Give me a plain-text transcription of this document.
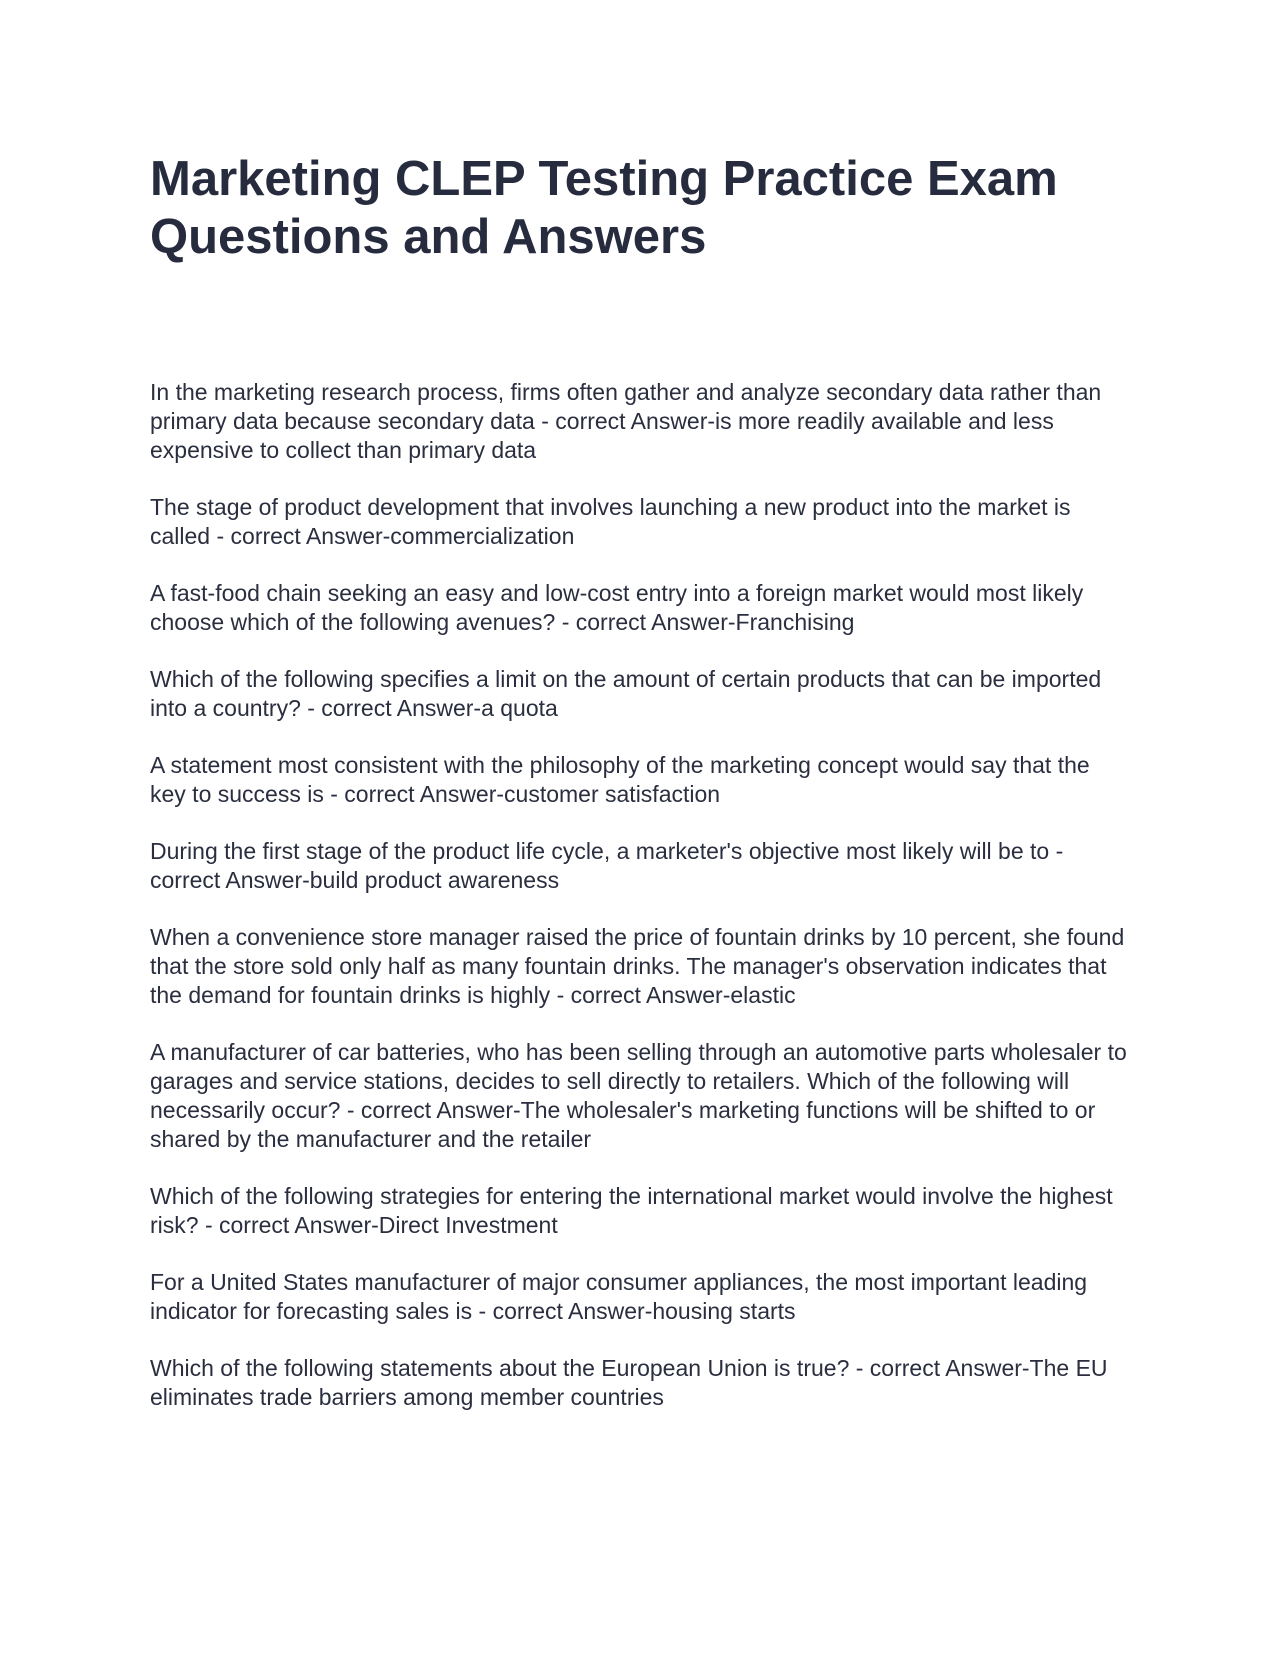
Marketing CLEP Testing Practice Exam Questions and Answers

In the marketing research process, firms often gather and analyze secondary data rather than primary data because secondary data - correct Answer-is more readily available and less expensive to collect than primary data

The stage of product development that involves launching a new product into the market is called - correct Answer-commercialization

A fast-food chain seeking an easy and low-cost entry into a foreign market would most likely choose which of the following avenues? - correct Answer-Franchising

Which of the following specifies a limit on the amount of certain products that can be imported into a country? - correct Answer-a quota

A statement most consistent with the philosophy of the marketing concept would say that the key to success is - correct Answer-customer satisfaction

During the first stage of the product life cycle, a marketer's objective most likely will be to - correct Answer-build product awareness

When a convenience store manager raised the price of fountain drinks by 10 percent, she found that the store sold only half as many fountain drinks. The manager's observation indicates that the demand for fountain drinks is highly - correct Answer-elastic

A manufacturer of car batteries, who has been selling through an automotive parts wholesaler to garages and service stations, decides to sell directly to retailers. Which of the following will necessarily occur? - correct Answer-The wholesaler's marketing functions will be shifted to or shared by the manufacturer and the retailer

Which of the following strategies for entering the international market would involve the highest risk? - correct Answer-Direct Investment

For a United States manufacturer of major consumer appliances, the most important leading indicator for forecasting sales is - correct Answer-housing starts

Which of the following statements about the European Union is true? - correct Answer-The EU eliminates trade barriers among member countries
